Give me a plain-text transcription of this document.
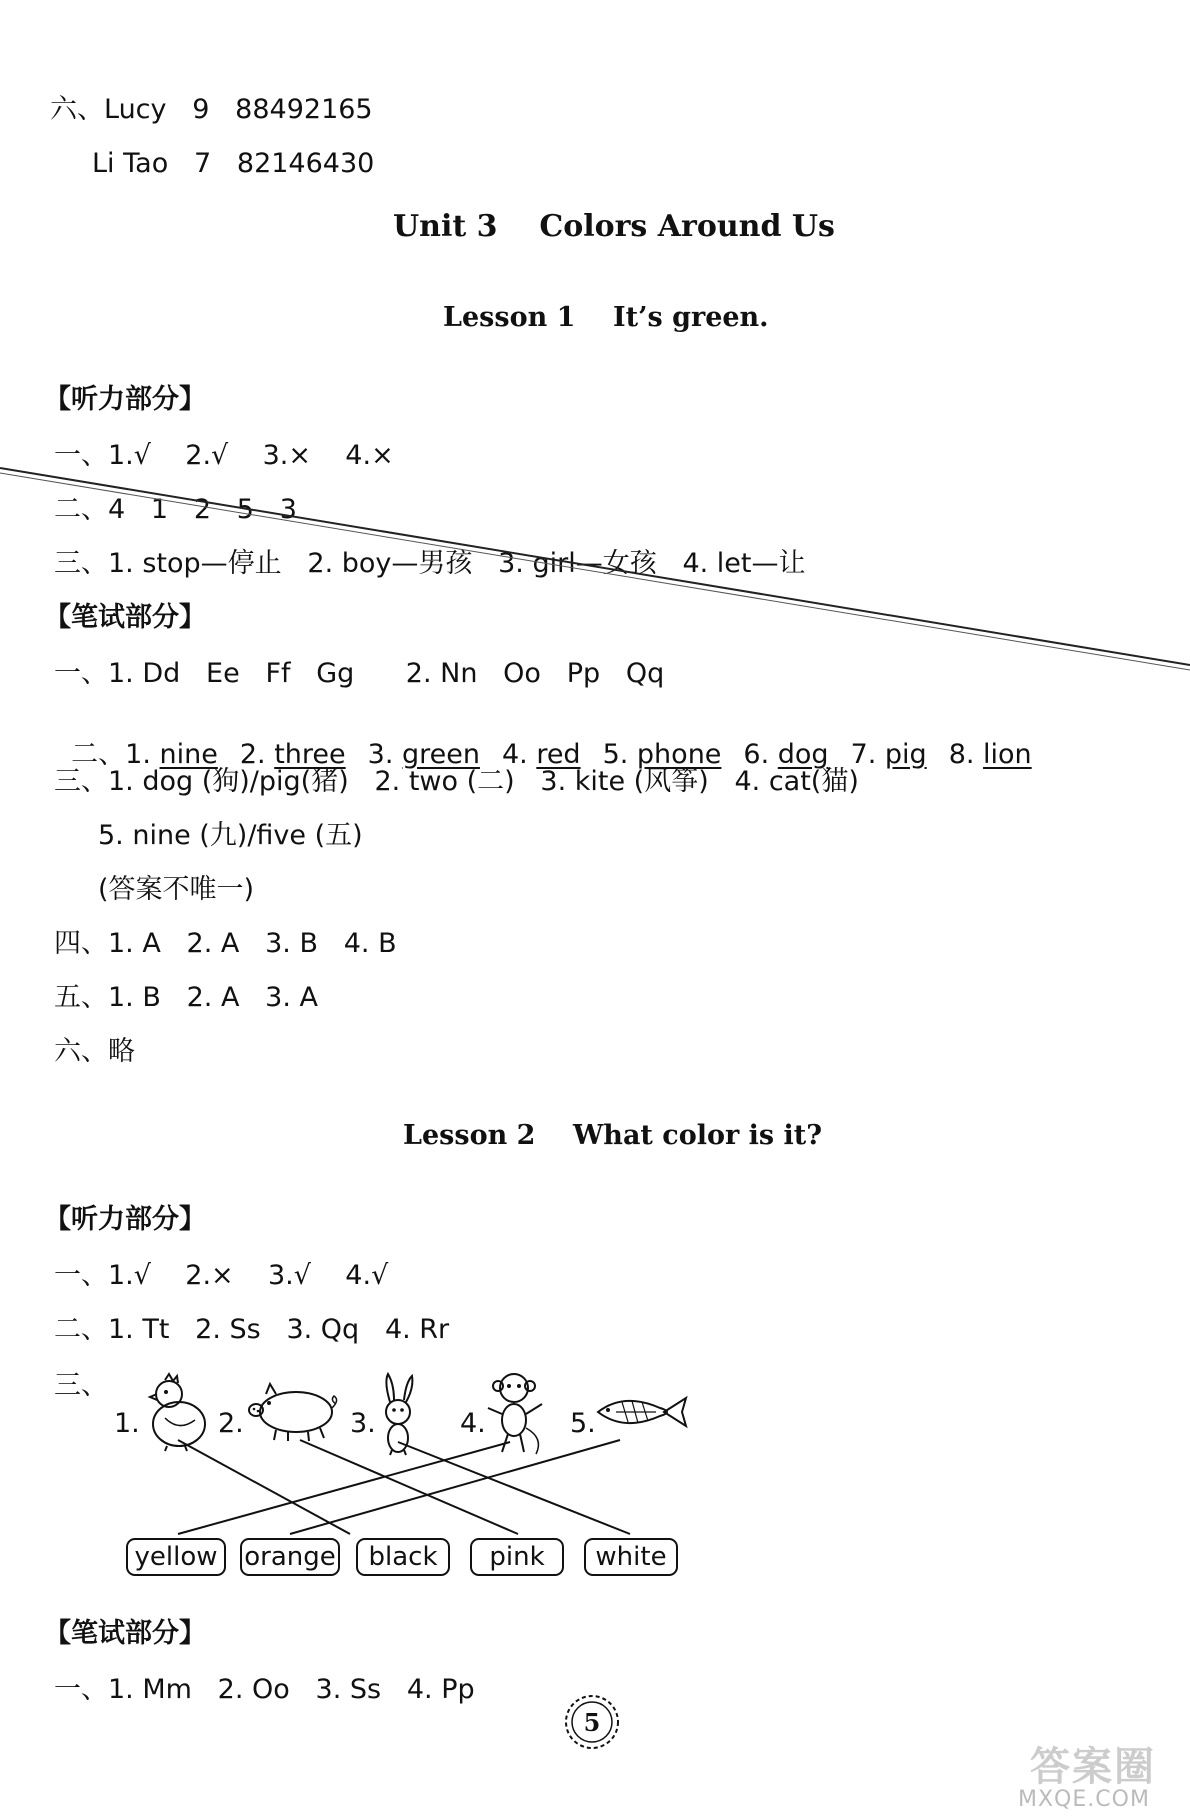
六、Lucy   9   88492165
Li Tao   7   82146430
Unit 3    Colors Around Us
Lesson 1    It’s green.
【听力部分】
一、1.√    2.√    3.×    4.×
二、4   1   2   5   3
三、1. stop—停止   2. boy—男孩   3. girl—女孩   4. let—让
【笔试部分】
一、1. Dd   Ee   Ff   Gg      2. Nn   Oo   Pp   Qq

二、1. nine 2. three 3. green 4. red 5. phone 6. dog 7. pig 8. lion

三、1. dog (狗)/pig(猪)   2. two (二)   3. kite (风筝)   4. cat(猫)
5. nine (九)/five (五)
(答案不唯一)
四、1. A   2. A   3. B   4. B
五、1. B   2. A   3. A
六、略
Lesson 2    What color is it?
【听力部分】
一、1.√    2.×    3.√    4.√
二、1. Tt   2. Ss   3. Qq   4. Rr
三、
1.	2.	3.	4.	5.
yellow	orange	black	pink	white
【笔试部分】
一、1. Mm   2. Oo   3. Ss   4. Pp
5
答案圈
MXQE.COM
